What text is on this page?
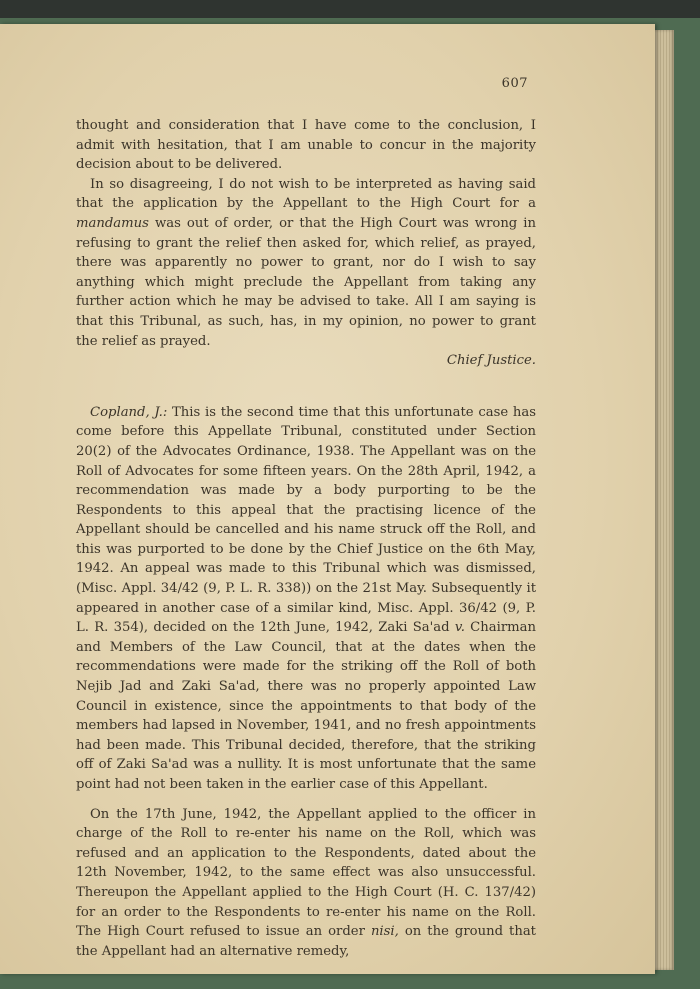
607

thought and consideration that I have come to the conclusion, I admit with hesitation, that I am unable to concur in the majority decision about to be delivered.

In so disagreeing, I do not wish to be interpreted as having said that the application by the Appellant to the High Court for a mandamus was out of order, or that the High Court was wrong in refusing to grant the relief then asked for, which relief, as prayed, there was apparently no power to grant, nor do I wish to say anything which might preclude the Appellant from taking any further action which he may be advised to take. All I am saying is that this Tribunal, as such, has, in my opinion, no power to grant the relief as prayed.

Chief Justice.

Copland, J.: This is the second time that this unfortunate case has come before this Appellate Tribunal, constituted under Section 20(2) of the Advocates Ordinance, 1938. The Appellant was on the Roll of Advocates for some fifteen years. On the 28th April, 1942, a recommendation was made by a body purporting to be the Respondents to this appeal that the practising licence of the Appellant should be cancelled and his name struck off the Roll, and this was purported to be done by the Chief Justice on the 6th May, 1942. An appeal was made to this Tribunal which was dismissed, (Misc. Appl. 34/42 (9, P. L. R. 338)) on the 21st May. Subsequently it appeared in another case of a similar kind, Misc. Appl. 36/42 (9, P. L. R. 354), decided on the 12th June, 1942, Zaki Sa'ad v. Chairman and Members of the Law Council, that at the dates when the recommendations were made for the striking off the Roll of both Nejib Jad and Zaki Sa'ad, there was no properly appointed Law Council in existence, since the appointments to that body of the members had lapsed in November, 1941, and no fresh appointments had been made. This Tribunal decided, therefore, that the striking off of Zaki Sa'ad was a nullity. It is most unfortunate that the same point had not been taken in the earlier case of this Appellant.

On the 17th June, 1942, the Appellant applied to the officer in charge of the Roll to re-enter his name on the Roll, which was refused and an application to the Respondents, dated about the 12th November, 1942, to the same effect was also unsuccessful. Thereupon the Appellant applied to the High Court (H. C. 137/42) for an order to the Respondents to re-enter his name on the Roll. The High Court refused to issue an order nisi, on the ground that the Appellant had an alternative remedy,
